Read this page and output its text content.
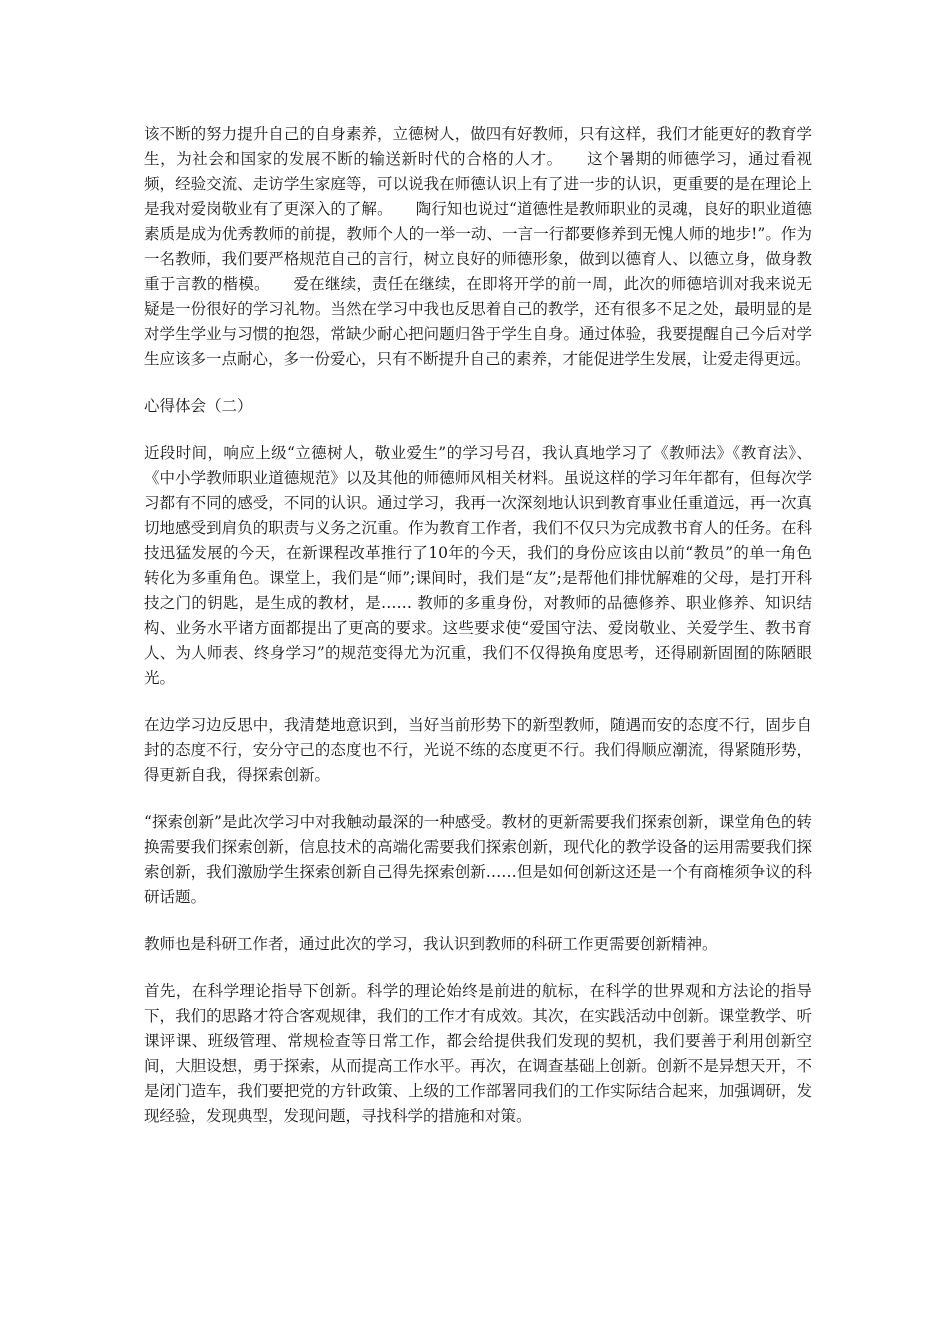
该不断的努力提升自己的自身素养，立德树人，做四有好教师，只有这样，我们才能更好的教育学生，为社会和国家的发展不断的输送新时代的合格的人才。　　这个暑期的师德学习，通过看视频，经验交流、走访学生家庭等，可以说我在师德认识上有了进一步的认识，更重要的是在理论上是我对爱岗敬业有了更深入的了解。　　陶行知也说过“道德性是教师职业的灵魂，良好的职业道德素质是成为优秀教师的前提，教师个人的一举一动、一言一行都要修养到无愧人师的地步!”。作为一名教师，我们要严格规范自己的言行，树立良好的师德形象，做到以德育人、以德立身，做身教重于言教的楷模。　　爱在继续，责任在继续，在即将开学的前一周，此次的师德培训对我来说无疑是一份很好的学习礼物。当然在学习中我也反思着自己的教学，还有很多不足之处，最明显的是对学生学业与习惯的抱怨，常缺少耐心把问题归咎于学生自身。通过体验，我要提醒自己今后对学生应该多一点耐心，多一份爱心，只有不断提升自己的素养，才能促进学生发展，让爱走得更远。

心得体会（二）

近段时间，响应上级“立德树人，敬业爱生”的学习号召，我认真地学习了《教师法》《教育法》、《中小学教师职业道德规范》以及其他的师德师风相关材料。虽说这样的学习年年都有，但每次学习都有不同的感受，不同的认识。通过学习，我再一次深刻地认识到教育事业任重道远，再一次真切地感受到肩负的职责与义务之沉重。作为教育工作者，我们不仅只为完成教书育人的任务。在科技迅猛发展的今天，在新课程改革推行了10年的今天，我们的身份应该由以前“教员”的单一角色转化为多重角色。课堂上，我们是“师”;课间时，我们是“友”;是帮他们排忧解难的父母，是打开科技之门的钥匙，是生成的教材，是…… 教师的多重身份，对教师的品德修养、职业修养、知识结构、业务水平诸方面都提出了更高的要求。这些要求使“爱国守法、爱岗敬业、关爱学生、教书育人、为人师表、终身学习”的规范变得尤为沉重，我们不仅得换角度思考，还得刷新固囿的陈陋眼光。

在边学习边反思中，我清楚地意识到，当好当前形势下的新型教师，随遇而安的态度不行，固步自封的态度不行，安分守己的态度也不行，光说不练的态度更不行。我们得顺应潮流，得紧随形势，得更新自我，得探索创新。

“探索创新”是此次学习中对我触动最深的一种感受。教材的更新需要我们探索创新，课堂角色的转换需要我们探索创新，信息技术的高端化需要我们探索创新，现代化的教学设备的运用需要我们探索创新，我们激励学生探索创新自己得先探索创新……但是如何创新这还是一个有商榷须争议的科研话题。

教师也是科研工作者，通过此次的学习，我认识到教师的科研工作更需要创新精神。

首先，在科学理论指导下创新。科学的理论始终是前进的航标，在科学的世界观和方法论的指导下，我们的思路才符合客观规律，我们的工作才有成效。其次，在实践活动中创新。课堂教学、听课评课、班级管理、常规检查等日常工作，都会给提供我们发现的契机，我们要善于利用创新空间，大胆设想，勇于探索，从而提高工作水平。再次，在调查基础上创新。创新不是异想天开，不是闭门造车，我们要把党的方针政策、上级的工作部署同我们的工作实际结合起来，加强调研，发现经验，发现典型，发现问题，寻找科学的措施和对策。
